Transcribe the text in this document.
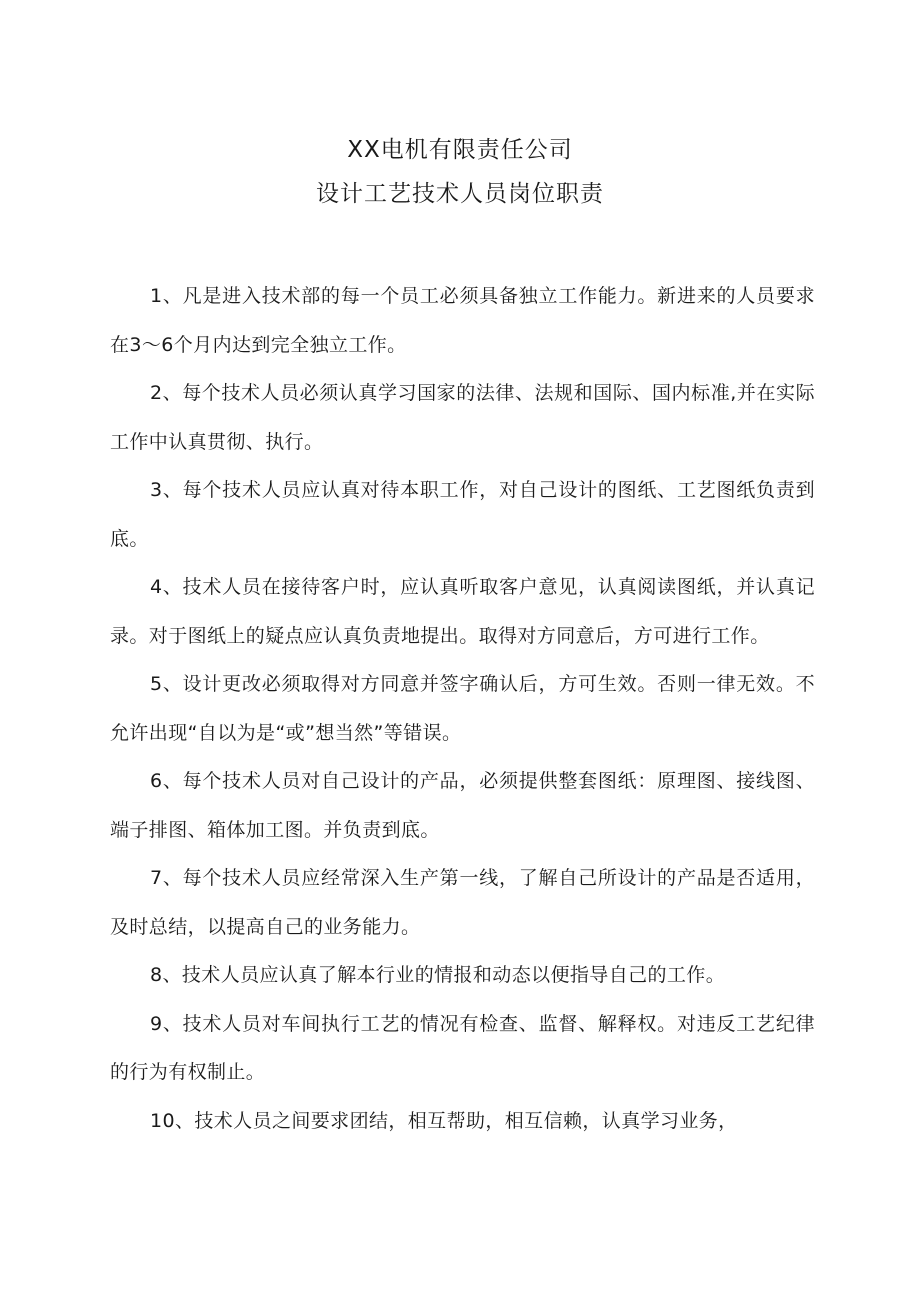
XX电机有限责任公司
设计工艺技术人员岗位职责

1、凡是进入技术部的每一个员工必须具备独立工作能力。新进来的人员要求在3～6个月内达到完全独立工作。

2、每个技术人员必须认真学习国家的法律、法规和国际、国内标准,并在实际工作中认真贯彻、执行。

3、每个技术人员应认真对待本职工作，对自己设计的图纸、工艺图纸负责到底。

4、技术人员在接待客户时，应认真听取客户意见，认真阅读图纸，并认真记录。对于图纸上的疑点应认真负责地提出。取得对方同意后，方可进行工作。

5、设计更改必须取得对方同意并签字确认后，方可生效。否则一律无效。不允许出现“自以为是“或”想当然”等错误。

6、每个技术人员对自己设计的产品，必须提供整套图纸：原理图、接线图、端子排图、箱体加工图。并负责到底。

7、每个技术人员应经常深入生产第一线，了解自己所设计的产品是否适用，及时总结，以提高自己的业务能力。

8、技术人员应认真了解本行业的情报和动态以便指导自己的工作。

9、技术人员对车间执行工艺的情况有检查、监督、解释权。对违反工艺纪律的行为有权制止。

10、技术人员之间要求团结，相互帮助，相互信赖，认真学习业务，
